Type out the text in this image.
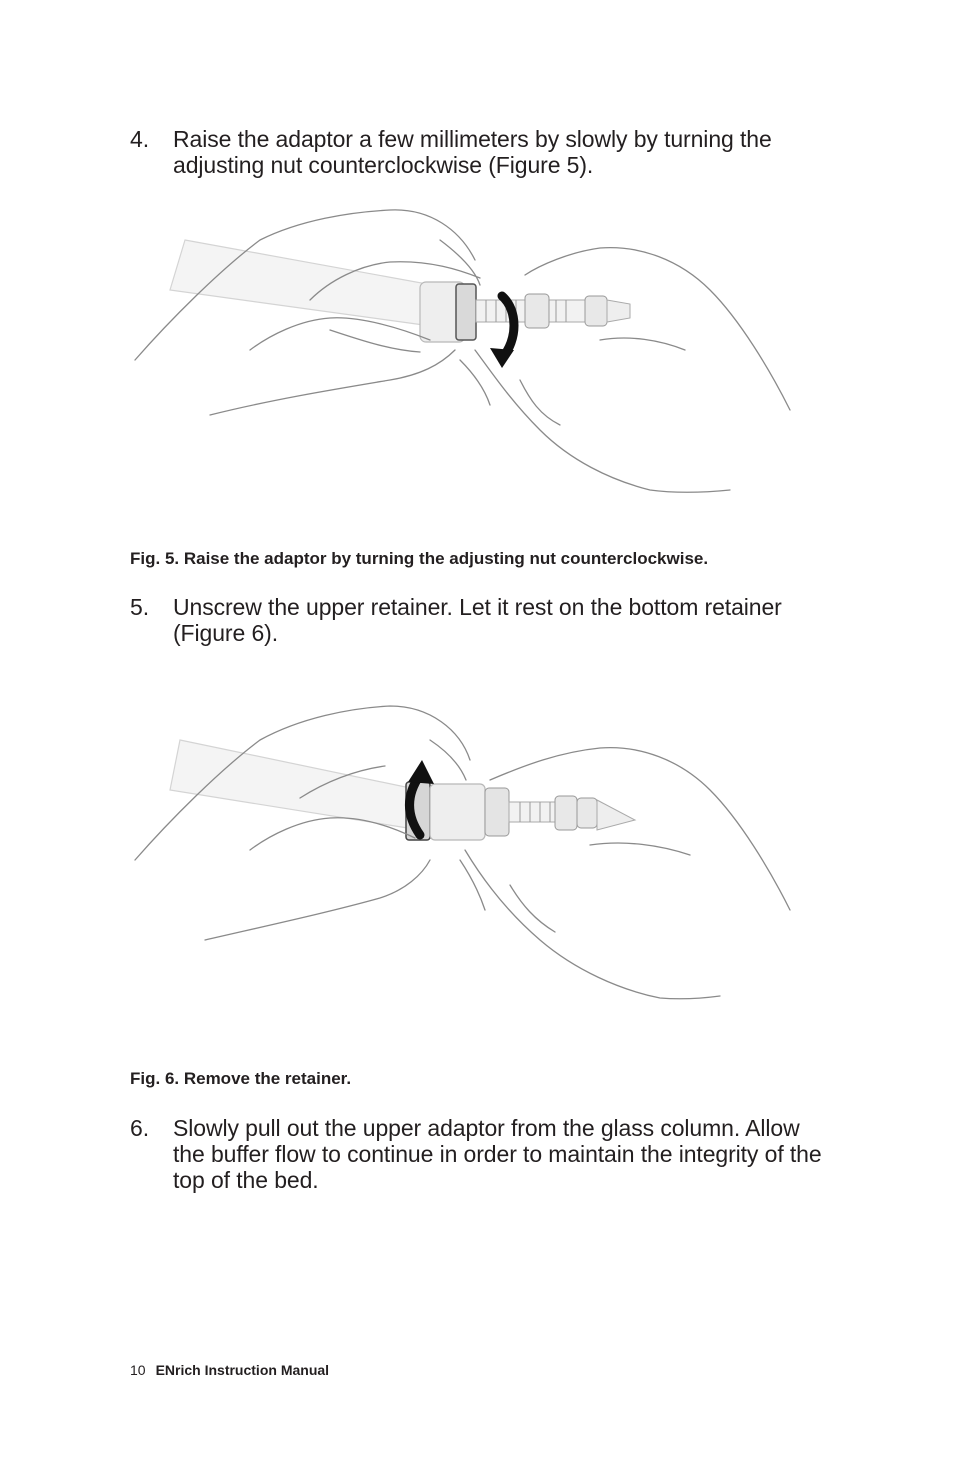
4.	Raise the adaptor a few millimeters by slowly by turning the adjusting nut counterclockwise (Figure 5).
Fig. 5. Raise the adaptor by turning the adjusting nut counterclockwise.
5.	Unscrew the upper retainer. Let it rest on the bottom retainer (Figure 6).
Fig. 6. Remove the retainer.
6.	Slowly pull out the upper adaptor from the glass column. Allow the buffer flow to continue in order to maintain the integrity of the top of the bed.
10 ENrich Instruction Manual
